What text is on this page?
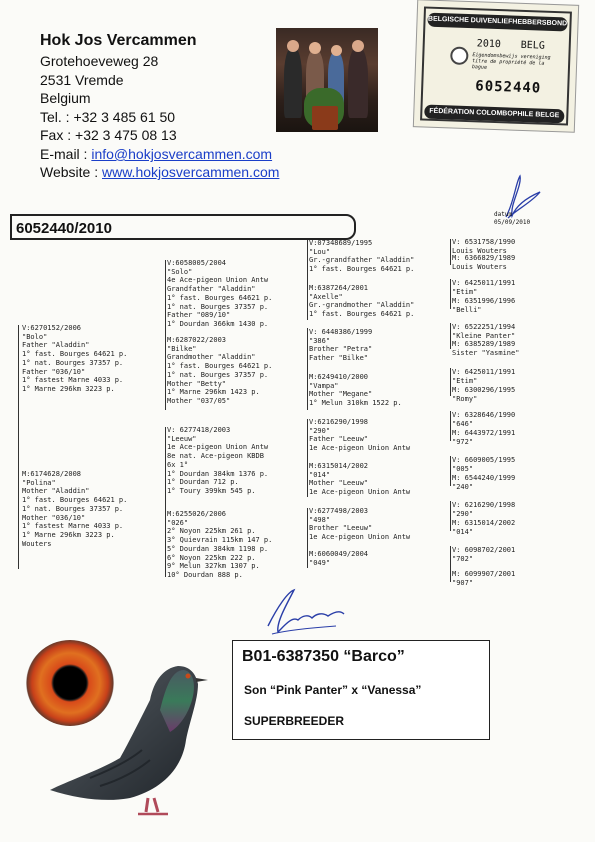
Hok Jos Vercammen
Grotehoeveweg 28
2531 Vremde
Belgium
Tel. : +32 3 485 61 50
Fax : +32 3 475 08 13
E-mail : info@hokjosvercammen.com
Website : www.hokjosvercammen.com
BELGISCHE DUIVENLIEFHEBBERSBOND
2010 BELG
Eigendomsbewijs vereniging titre de propriété de la bague
6052440
FÉDÉRATION COLOMBOPHILE BELGE
datum
05/09/2010
6052440/2010
V:6270152/2006
"Bolo"
Father "Aladdin"
1° fast. Bourges 64621 p.
1° nat. Bourges 37357 p.
Father "036/10"
1° fastest Marne 4033 p.
1° Marne 296km 3223 p.
M:6174628/2008
"Polina"
Mother "Aladdin"
1° fast. Bourges 64621 p.
1° nat. Bourges 37357 p.
Mother "036/10"
1° fastest Marne 4033 p.
1° Marne 296km 3223 p.
Wouters
V:6058005/2004
"Solo"
4e Ace-pigeon Union Antw
Grandfather "Aladdin"
1° fast. Bourges 64621 p.
1° nat. Bourges 37357 p.
Father "089/10"
1° Dourdan 366km 1430 p.
M:6287022/2003
"Bilke"
Grandmother "Aladdin"
1° fast. Bourges 64621 p.
1° nat. Bourges 37357 p.
Mother "Betty"
1° Marne 296km 1423 p.
Mother "037/05"
V: 6277418/2003
"Leeuw"
1e Ace-pigeon Union Antw
8e nat. Ace-pigeon KBDB
6x 1°
1° Dourdan 384km 1376 p.
1° Dourdan 712 p.
1° Toury 399km 545 p.
M:6255026/2006
"026"
2° Noyon 225km 261 p.
3° Quievrain 115km 147 p.
5° Dourdan 384km 1198 p.
6° Noyon 225km 222 p.
9° Melun 327km 1307 p.
10° Dourdan 888 p.
V:07348689/1995
"Lou"
Gr.-grandfather "Aladdin"
1° fast. Bourges 64621 p.
M:6387264/2001
"Axelle"
Gr.-grandmother "Aladdin"
1° fast. Bourges 64621 p.
V: 6448386/1999
"386"
Brother "Petra"
Father "Bilke"
M:6249410/2000
"Vampa"
Mother "Megane"
1° Melun 310km 1522 p.
V:6216290/1998
"290"
Father "Leeuw"
1e Ace-pigeon Union Antw
M:6315014/2002
"014"
Mother "Leeuw"
1e Ace-pigeon Union Antw
V:6277498/2003
"498"
Brother "Leeuw"
1e Ace-pigeon Union Antw
M:6060049/2004
"049"
V: 6531758/1990
Louis Wouters
M: 6366829/1989
Louis Wouters
V: 6425011/1991
"Etim"
M: 6351996/1996
"Belli"
V: 6522251/1994
"Kleine Panter"
M: 6385289/1989
Sister "Yasmine"
V: 6425011/1991
"Etim"
M: 6300296/1995
"Romy"
V: 6328646/1990
"646"
M: 6443972/1991
"972"
V: 6609005/1995
"005"
M: 6544240/1999
"240"
V: 6216290/1998
"290"
M: 6315014/2002
"014"
V: 6098702/2001
"702"
M: 6099907/2001
"907"
B01-6387350 “Barco”
Son “Pink Panter” x “Vanessa”
SUPERBREEDER
